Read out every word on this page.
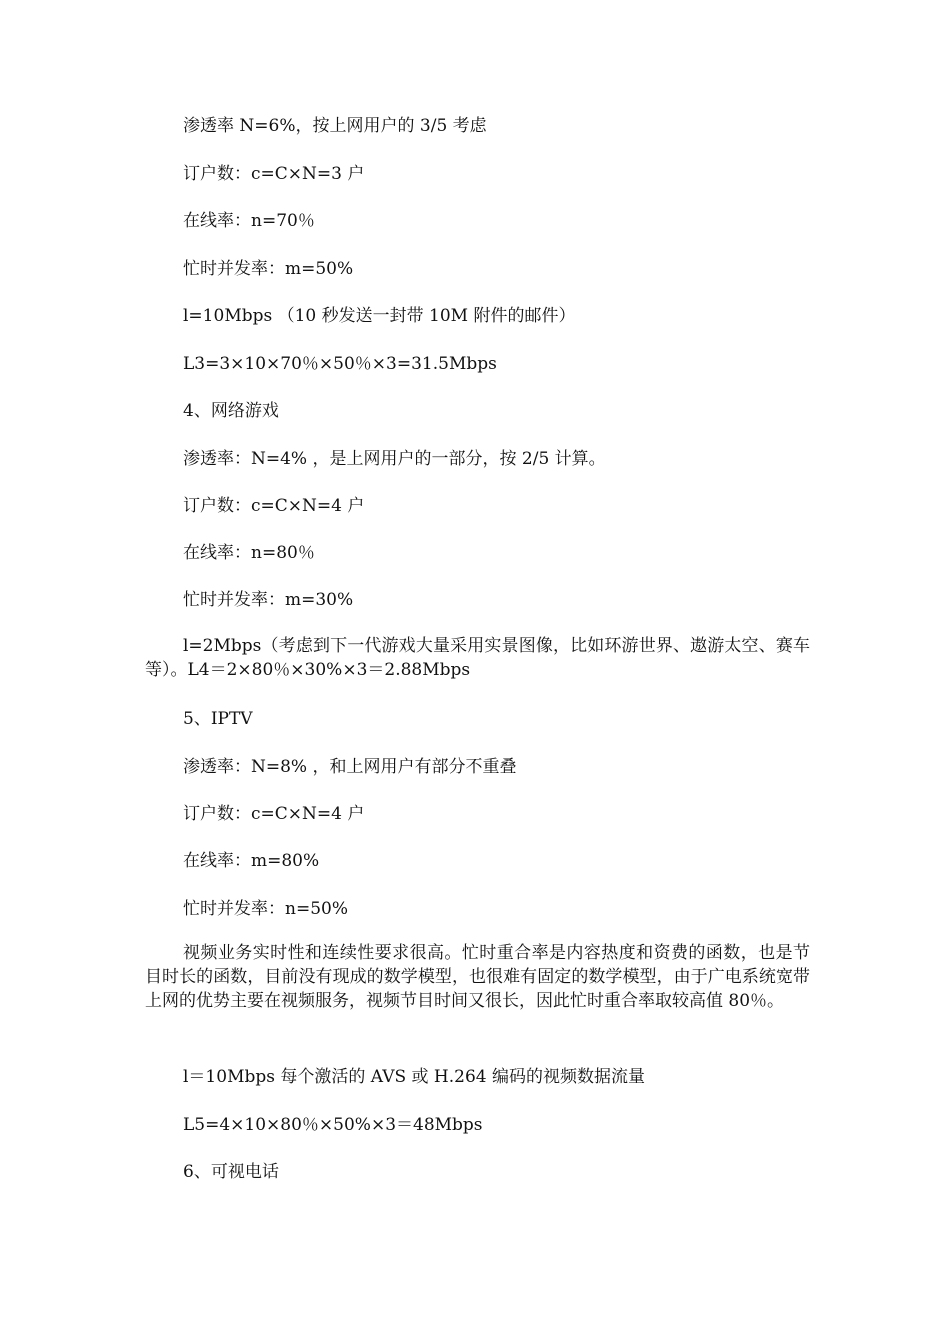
渗透率 N=6%，按上网用户的 3/5 考虑
订户数：c=C×N=3 户
在线率：n=70％
忙时并发率：m=50%
l=10Mbps （10 秒发送一封带 10M 附件的邮件）
L3=3×10×70％×50％×3=31.5Mbps
4、网络游戏
渗透率：N=4% ，是上网用户的一部分，按 2/5 计算。
订户数：c=C×N=4 户
在线率：n=80％
忙时并发率：m=30%
l=2Mbps（考虑到下一代游戏大量采用实景图像，比如环游世界、遨游太空、赛车等）。L4＝2×80％×30%×3＝2.88Mbps
5、IPTV
渗透率：N=8% ，和上网用户有部分不重叠
订户数：c=C×N=4 户
在线率：m=80%
忙时并发率：n=50%
视频业务实时性和连续性要求很高。忙时重合率是内容热度和资费的函数，也是节目时长的函数，目前没有现成的数学模型，也很难有固定的数学模型，由于广电系统宽带上网的优势主要在视频服务，视频节目时间又很长，因此忙时重合率取较高值 80％。
l＝10Mbps 每个激活的 AVS 或 H.264 编码的视频数据流量
L5=4×10×80％×50%×3＝48Mbps
6、可视电话
